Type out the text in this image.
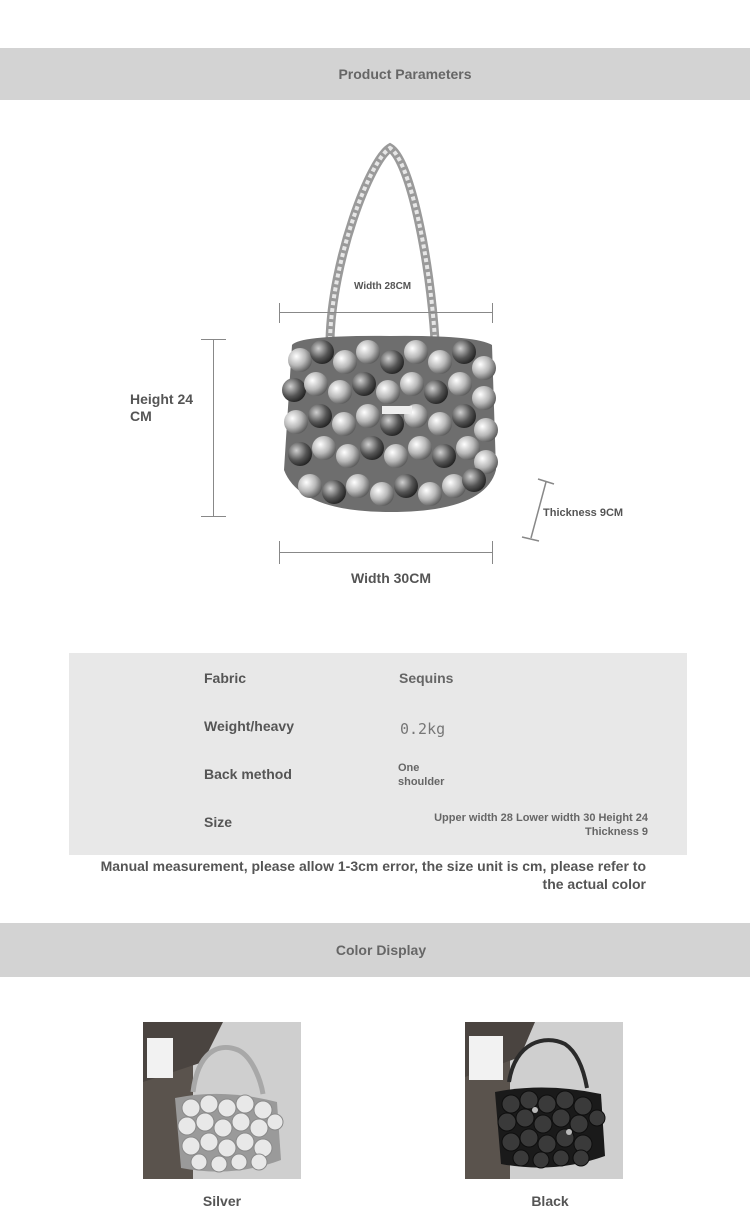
Product Parameters
Width 28CM
Height 24 CM
Thickness 9CM
Width 30CM
Fabric	Sequins
Weight/heavy	0.2kg
Back method	One shoulder
Size	Upper width 28 Lower width 30 Height 24 Thickness 9
Manual measurement, please allow 1-3cm error, the size unit is cm, please refer to the actual color
Color Display
Silver	Black
